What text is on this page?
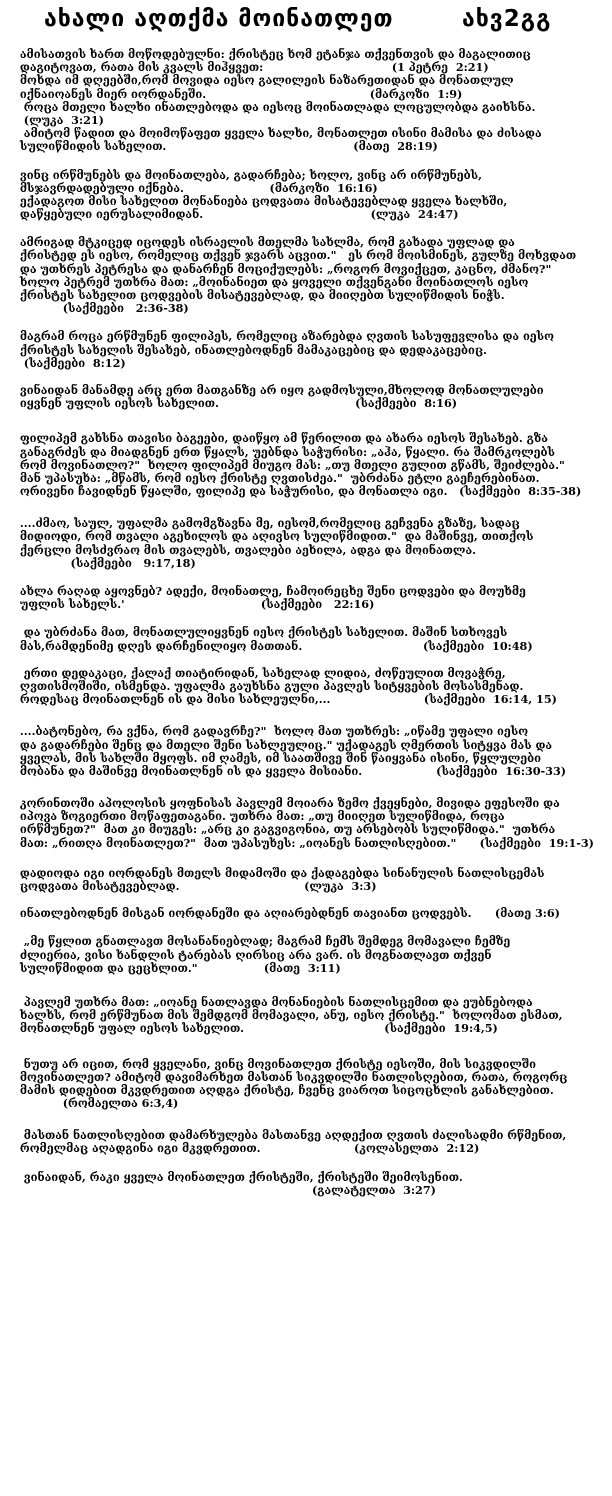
ახალი აღთქმა მოინათლეთ	ახვ2გგ
ამისათვის ხართ მოწოდებულნი: ქრისტეც ხომ ეტანჯა თქვენთვის და მაგალითიც
დაგიტოვათ, რათა მის კვალს მიჰყვეთ:                                 (1 პეტრე  2:21)
მოხდა იმ დღეებში,რომ მოვიდა იესო გალილეის ნაზარეთიდან და მონათლულ
იქნაიოანეს მიერ იორდანეში.                                          (მარკოზი  1:9)
როცა მთელი ხალხი ინათლებოდა და იესოც მოინათლადა ლოცულობდა გაიხსნა.
(ლუკა  3:21)
ამიტომ წადით და მოიმოწაფეთ ყველა ხალხი, მონათლეთ ისინი მამისა და ძისადა
სულიწმიდის სახელით.                                                (მათე  28:19)
ვინც ირწმუნებს და მოინათლება, გადარჩება; ხოლო, ვინც არ ირწმუნებს,
მსჯავრდადებული იქნება.                      (მარკოზი  16:16)
ექადაგოთ მისი სახელით მონანიება ცოდვათა მისატევებლად ყველა ხალხში,
დაწყებული იერუსალიმიდან.                                           (ლუკა  24:47)
ამრიგად მტკიცედ იცოდეს ისრაელის მთელმა სახლმა, რომ გახადა უფლად და
ქრისტედ ეს იესო, რომელიც თქვენ ჯვარს აცვით."   ეს რომ მოისმინეს, გულზე მოხვდათ
და უთხრეს პეტრესა და დანარჩენ მოციქულებს: „როგორ მოვიქცეთ, კაცნო, ძმანო?"
ხოლო პეტრემ უთხრა მათ: „მოინანიეთ და ყოველი თქვენგანი მოინათლოს იესო
ქრისტეს სახელით ცოდვების მისატევებლად, და მიიღებთ სულიწმიდის ნიჭს.
(საქმეები   2:36-38)
მაგრამ როცა ერწმუნენ ფილიპეს, რომელიც აზარებდა ღვთის სასუფევლისა და იესო
ქრისტეს სახელის შესახებ, ინათლებოდნენ მამაკაცებიც და დედაკაცებიც.
(საქმეები  8:12)
ვინაიდან მანამდე არც ერთ მათგანზე არ იყო გადმოსული,მხოლოდ მონათლულები
იყვნენ უფლის იესოს სახელით.                                   (საქმეები  8:16)
ფილიპემ გახსნა თავისი ბაგეები, დაიწყო ამ წერილით და ახარა იესოს შესახებ. გზა
განაგრძეს და მიადგნენ ერთ წყალს, უებნდა საჭურისი: „აჰა, წყალი. რა შამრკოლებს
რომ მოვინათლო?"  ხოლო ფილიპემ მიუგო მას: „თუ მთელი გულით გწამს, შეიძლება."
მან უპასუხა: „მწამს, რომ იესო ქრისტე ღვთისძეა."  უბრძანა ეტლი გაეჩერებინათ.
ორივენი ჩავიდნენ წყალში, ფილიპე და საჭურისი, და მონათლა იგი.   (საქმეები  8:35-38)
....ძმაო, საულ, უფალმა გამომგზავნა მე, იესომ,რომელიც გეჩვენა გზაზე, სადაც
მიდიოდი, რომ თვალი აგეხილოს და აღივსო სულიწმიდით."  და მაშინვე, თითქოს
ქერცლი მოსძვრაო მის თვალებს, თვალები აეხილა, ადგა და მოინათლა.
(საქმეები   9:17,18)
ახლა რაღად აყოვნებ? ადექი, მოინათლე, ჩამოირეცხე შენი ცოდვები და მოუხმე
უფლის სახელს.'                                   (საქმეები   22:16)
და უბრძანა მათ, მონათლულიყვნენ იესო ქრისტეს სახელით. მაშინ სთხოვეს
მას,რამდენიმე დღეს დარჩენილიყო მათთან.                               (საქმეები  10:48)
ერთი დედაკაცი, ქალაქ თიატირიდან, სახელად ლიდია, ძოწეულით მოვაჭრე,
ღვთისმოშიში, ისმენდა. უფალმა გაუხსნა გული პავლეს სიტყვების მოსასმენად.
როდესაც მოინათლნენ ის და მისი სახლეულნი,...                        (საქმეები  16:14, 15)
....ბატონებო, რა ვქნა, რომ გადავრჩე?"  ხოლო მათ უთხრეს: „იწამე უფალი იესო
და გადარჩები შენც და მთელი შენი სახლეულიც." უქადაგეს ღმერთის სიტყვა მას და
ყველას, მის სახლში მყოფს. იმ ღამეს, იმ საათშივე შინ წაიყვანა ისინი, წყლულები
მობანა და მაშინვე მოინათლნენ ის და ყველა მისიანი.                   (საქმეები  16:30-33)
კორინთოში აპოლოსის ყოფნისას პავლემ მოიარა ზემო ქვეყნები, მივიდა ეფესოში და
იპოვა ზოგიერთი მოწაფეთაგანი. უთხრა მათ: „თუ მიიღეთ სულიწმიდა, როცა
ირწმუნეთ?"  მათ კი მიუგეს: „არც კი გაგვიგონია, თუ არსებობს სულიწმიდა."  უთხრა
მათ: „რითღა მოინათლეთ?"  მათ უპასუხეს: „იოანეს ნათლისღებით."      (საქმეები  19:1-3)
დადიოდა იგი იორდანეს მთელს მიდამოში და ქადაგებდა სინანულის ნათლისცემას
ცოდვათა მისატევებლად.                                (ლუკა  3:3)
ინათლებოდნენ მისგან იორდანეში და აღიარებდნენ თავიანთ ცოდვებს.      (მათე 3:6)
„მე წყლით გნათლავთ მოსანანიებლად; მაგრამ ჩემს შემდეგ მომავალი ჩემზე
ძლიერია, ვისი ხანდლის ტარებას ღირსიც არა ვარ. ის მოგნათლავთ თქვენ
სულიწმიდით და ცეცხლით."                 (მათე  3:11)
პავლემ უთხრა მათ: „იოანე ნათლავდა მონანიების ნათლისცემით და ეუბნებოდა
ხალხს, რომ ერწმუნათ მის შემდგომ მომავალი, ანუ, იესო ქრისტე."  ხოლომათ ესმათ,
მონათლნენ უფალ იესოს სახელით.                                    (საქმეები  19:4,5)
ნუთუ არ იცით, რომ ყველანი, ვინც მოვინათლეთ ქრისტე იესოში, მის სიკვდილში
მოვინათლეთ? ამიტომ დავიმარხეთ მასთან სიკვდილში ნათლისღებით, რათა, როგორც
მამის დიდებით მკვდრეთით აღდგა ქრისტე, ჩვენც ვიაროთ სიცოცხლის განახლებით.
(რომაელთა 6:3,4)
მასთან ნათლისღებით დამარხულება მასთანვე აღდექით ღვთის ძალისადმი რწმენით,
რომელმაც აღადგინა იგი მკვდრეთით.                        (კოლასელთა  2:12)
ვინაიდან, რაკი ყველა მოინათლეთ ქრისტეში, ქრისტეში შეიმოსენით.
(გალატელთა  3:27)
